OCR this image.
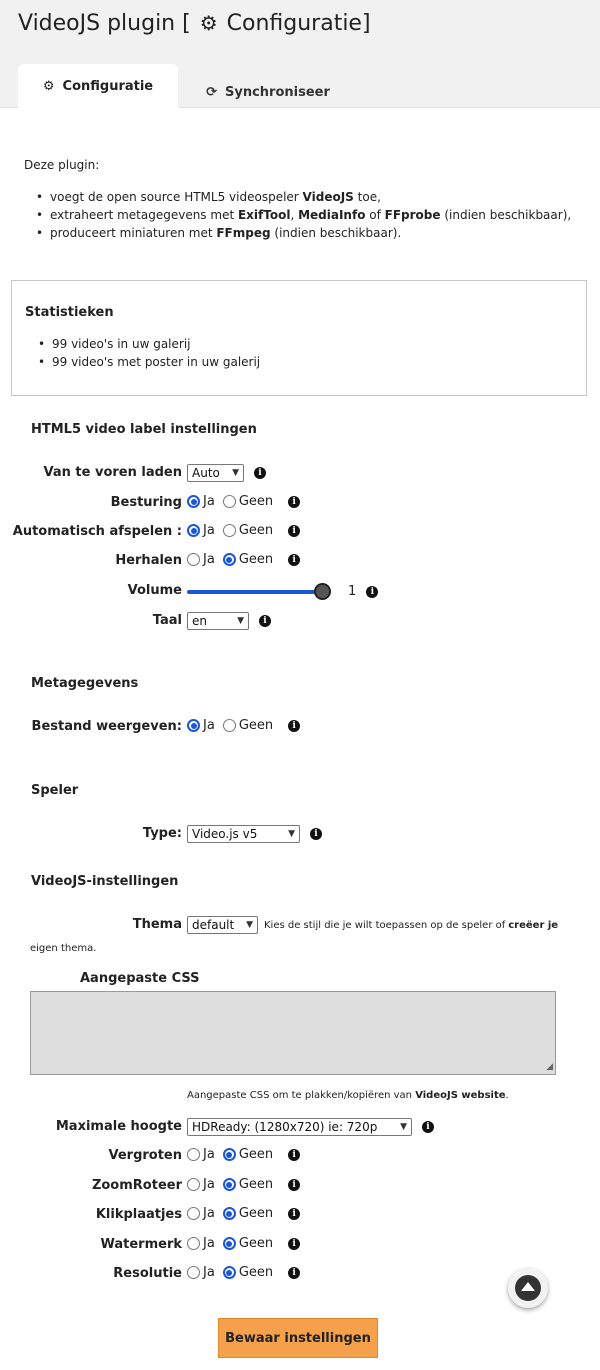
VideoJS plugin [ ⚙ Configuratie]
⚙ Configuratie	⟳ Synchroniseer
Deze plugin:
• voegt de open source HTML5 videospeler VideoJS toe,
• extraheert metagegevens met ExifTool, MediaInfo of FFprobe (indien beschikbaar),
• produceert miniaturen met FFmpeg (indien beschikbaar).
Statistieken
• 99 video's in uw galerij
• 99 video's met poster in uw galerij
HTML5 video label instellingen
Van te voren laden Auto ▼	i
Besturing Ja Geen	i
Automatisch afspelen : Ja Geen	i
Herhalen Ja Geen	i
Volume	1	i
Taal en	▼	i
Metagegevens
Bestand weergeven: Ja Geen	i
Speler
Type: Video.js v5	▼	i
VideoJS-instellingen
Thema default ▼ Kies de stijl die je wilt toepassen op de speler of creëer je
eigen thema.
Aangepaste CSS
◢
Aangepaste CSS om te plakken/kopiëren van VideoJS website.
Maximale hoogte HDReady: (1280x720) ie: 720p	▼	i
Vergroten Ja Geen	i
ZoomRoteer Ja Geen	i
Klikplaatjes Ja Geen	i
Watermerk Ja Geen	i
Resolutie Ja Geen	i
Bewaar instellingen
